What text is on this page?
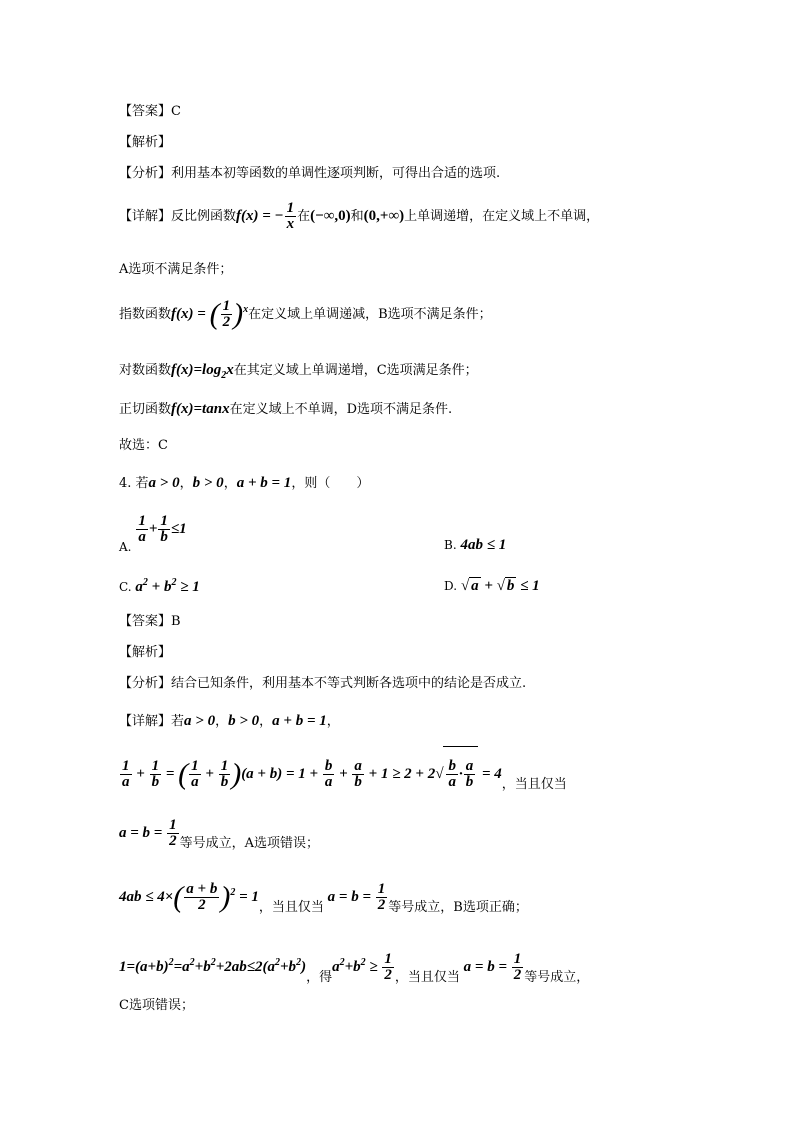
【答案】C
【解析】
【分析】利用基本初等函数的单调性逐项判断，可得出合适的选项.
【详解】反比例函数f(x) = − $\frac{1}{x}$ 在(−∞,0)和(0,+∞)上单调递增，在定义域上不单调，
A选项不满足条件；
指数函数f(x) = ( $\frac{1}{2} )^x$在定义域上单调递减，B选项不满足条件；
对数函数$f(x)=\log_2x$在其定义域上单调递增，C选项满足条件；
正切函数f(x)=tanx在定义域上不单调，D选项不满足条件.
故选：C
4. 若a > 0，b > 0，a + b = 1，则（　　）
A.
$\frac{1}{a} + \frac{1}{b} \le 1$
B. 4ab ≤ 1
C. $a^2 + b^2 \ge 1$	D. √ a + √ b ≤ 1
【答案】B
【解析】
【分析】结合已知条件，利用基本不等式判断各选项中的结论是否成立.
【详解】若a > 0，b > 0，a + b = 1，
$\frac{1}{a} + \frac{1}{b}$ = ( $\frac{1}{a} + \frac{1}{b} )(a + b) = 1 + \frac{b}{a} + \frac{a}{b} + 1 \ge 2 + 2√ \frac{b}{a} \cdot \frac{a}{b} = 4$，当且仅当
$a = b = \frac{1}{2}$ 等号成立，A选项错误；
$4ab \le 4\times( \frac{a + b}{2} )^2 = 1$，当且仅当 $a = b = \frac{1}{2}$ 等号成立，B选项正确；
$1=(a+b)^2=a^2+b^2+2ab\le 2(a^2+b^2)$，得$a^2+b^2 \ge \frac{1}{2}$ ，当且仅当 $a = b = \frac{1}{2}$ 等号成立，
C选项错误；
